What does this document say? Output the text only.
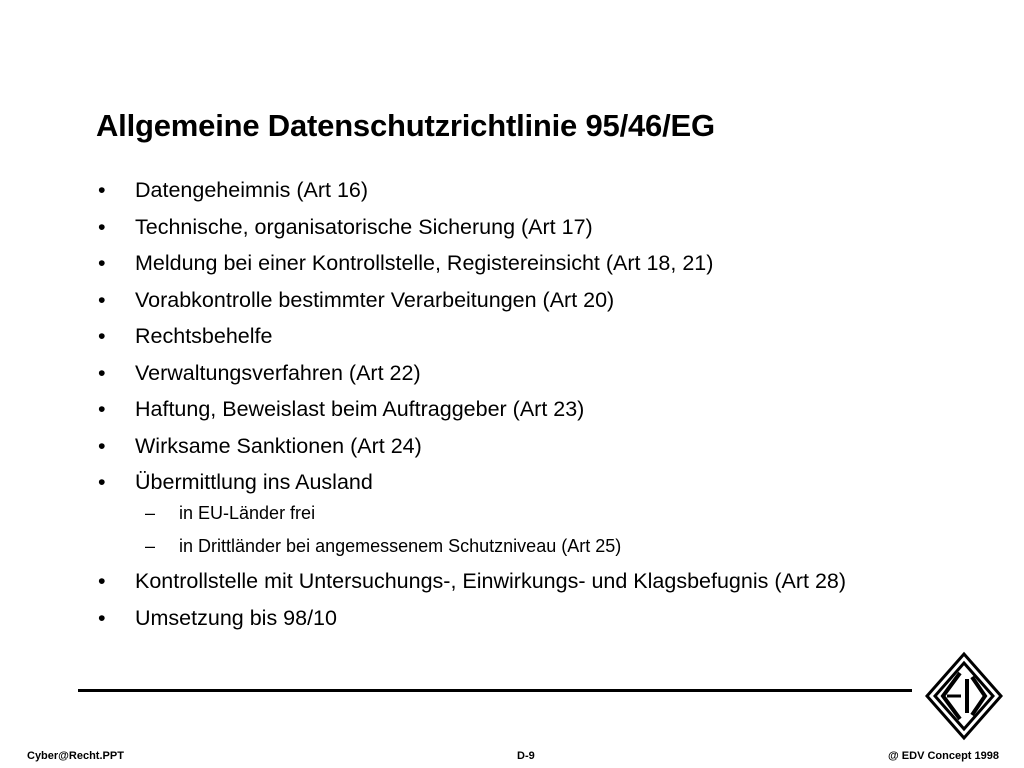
Allgemeine Datenschutzrichtlinie 95/46/EG
• Datengeheimnis (Art 16)
• Technische, organisatorische Sicherung (Art 17)
• Meldung bei einer Kontrollstelle, Registereinsicht (Art 18, 21)
• Vorabkontrolle bestimmter Verarbeitungen (Art 20)
• Rechtsbehelfe
• Verwaltungsverfahren (Art 22)
• Haftung, Beweislast beim Auftraggeber (Art 23)
• Wirksame Sanktionen (Art 24)
• Übermittlung ins Ausland
– in EU-Länder frei
– in Drittländer bei angemessenem Schutzniveau (Art 25)
• Kontrollstelle mit Untersuchungs-, Einwirkungs- und Klagsbefugnis (Art 28)
• Umsetzung bis 98/10
Cyber@Recht.PPT	D-9	@ EDV Concept 1998
